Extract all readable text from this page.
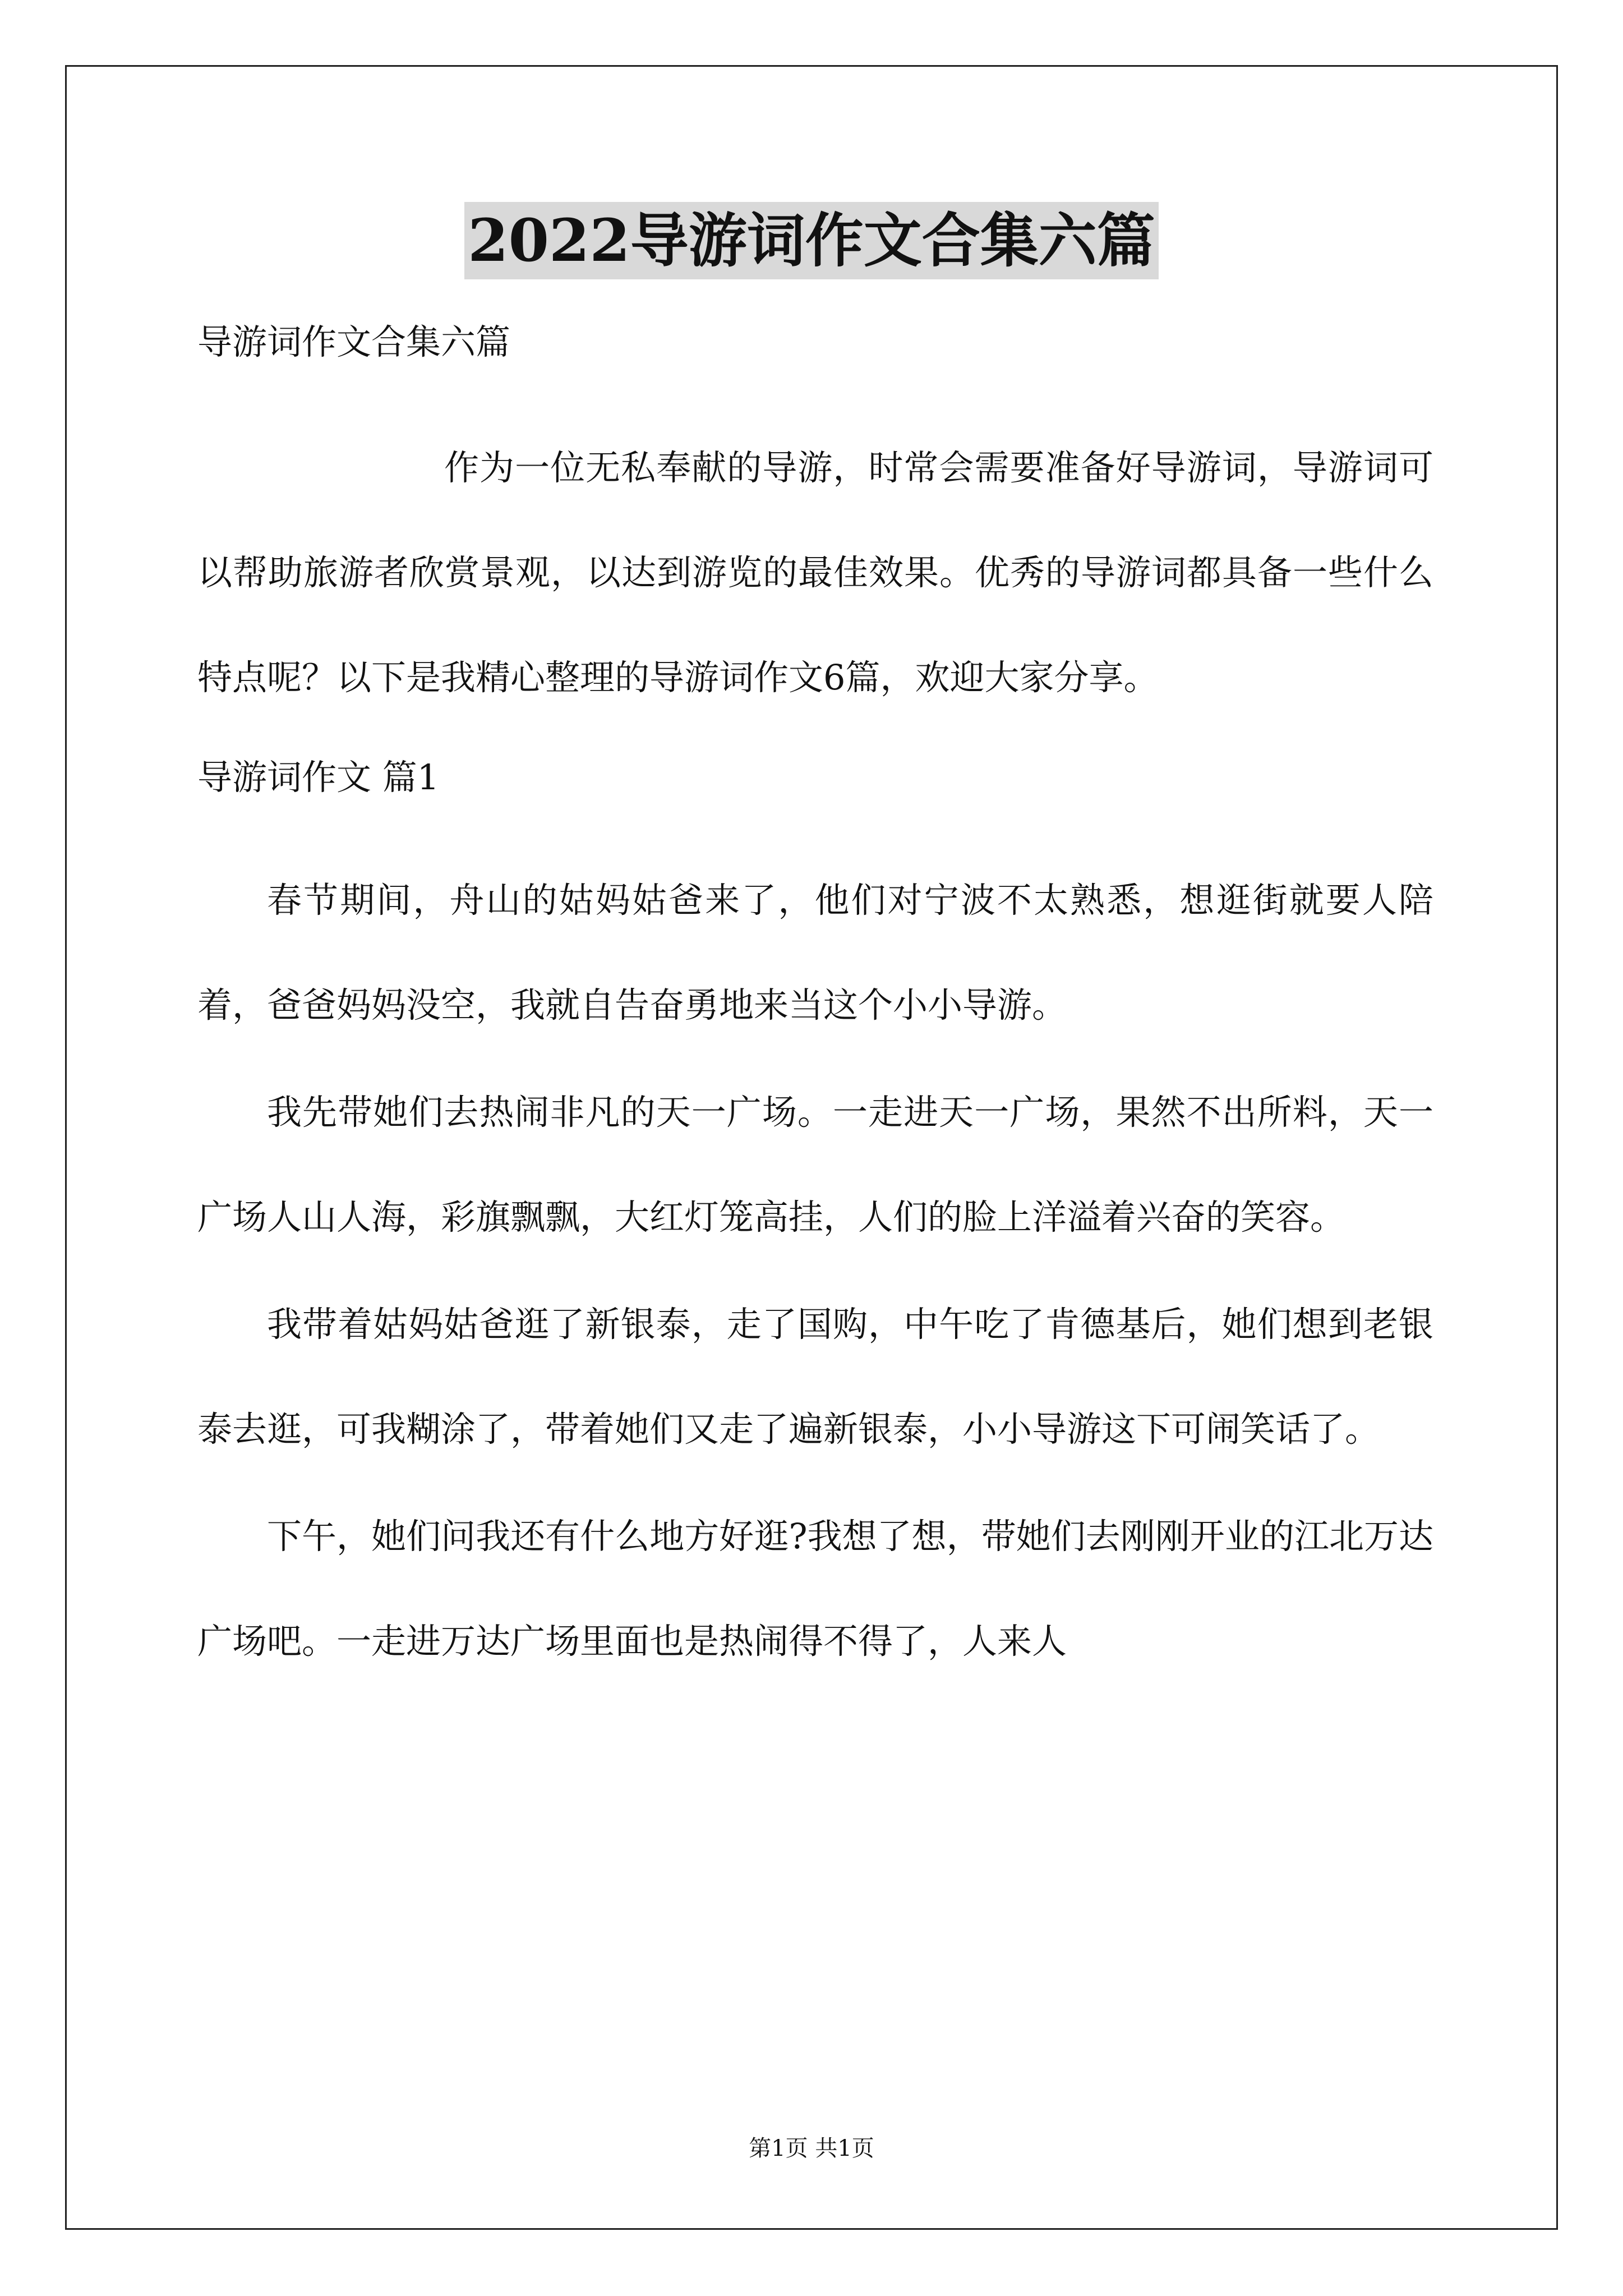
2022导游词作文合集六篇

导游词作文合集六篇

作为一位无私奉献的导游，时常会需要准备好导游词，导游词可以帮助旅游者欣赏景观，以达到游览的最佳效果。优秀的导游词都具备一些什么特点呢？以下是我精心整理的导游词作文6篇，欢迎大家分享。

导游词作文 篇1

春节期间，舟山的姑妈姑爸来了，他们对宁波不太熟悉，想逛街就要人陪着，爸爸妈妈没空，我就自告奋勇地来当这个小小导游。

我先带她们去热闹非凡的天一广场。一走进天一广场，果然不出所料，天一广场人山人海，彩旗飘飘，大红灯笼高挂，人们的脸上洋溢着兴奋的笑容。

我带着姑妈姑爸逛了新银泰，走了国购，中午吃了肯德基后，她们想到老银泰去逛，可我糊涂了，带着她们又走了遍新银泰，小小导游这下可闹笑话了。

下午，她们问我还有什么地方好逛?我想了想，带她们去刚刚开业的江北万达广场吧。一走进万达广场里面也是热闹得不得了，人来人

第1页 共1页
